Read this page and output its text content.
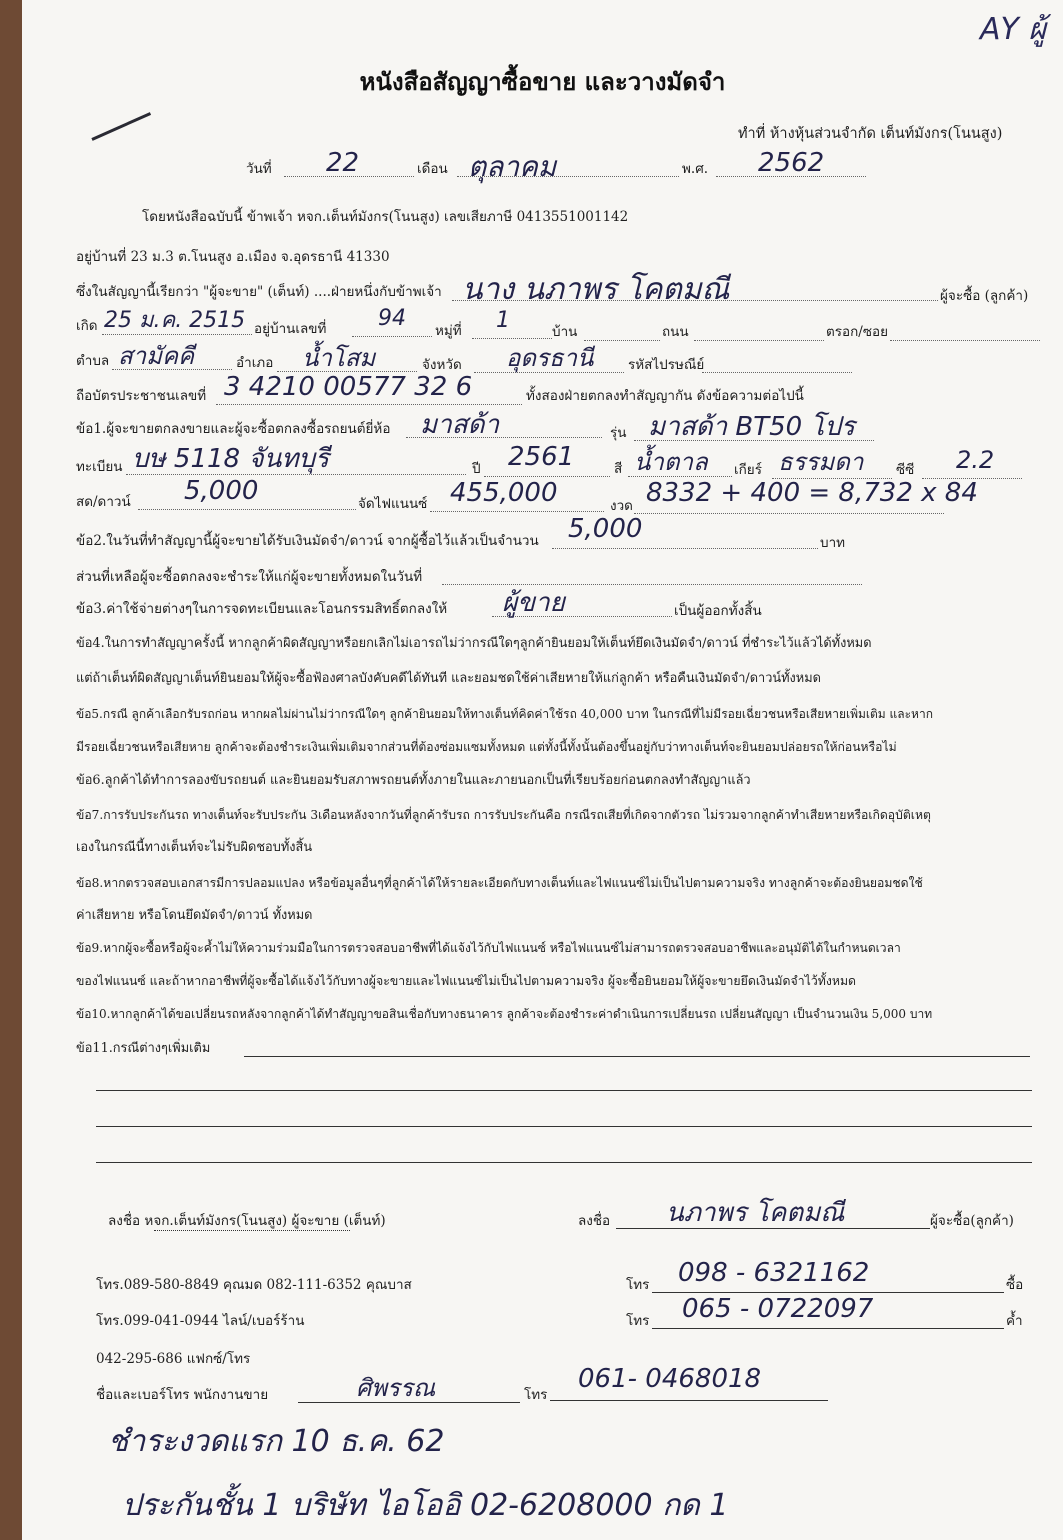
AY ผู้
หนังสือสัญญาซื้อขาย และวางมัดจำ
ทำที่ ห้างหุ้นส่วนจำกัด เต็นท์มังกร(โนนสูง)
วันที่ 22	เดือน ตุลาคม	พ.ศ. 2562
โดยหนังสือฉบับนี้ ข้าพเจ้า หจก.เต็นท์มังกร(โนนสูง) เลขเสียภาษี 0413551001142
อยู่บ้านที่ 23 ม.3 ต.โนนสูง อ.เมือง จ.อุดรธานี 41330
ซึ่งในสัญญานี้เรียกว่า "ผู้จะขาย" (เต็นท์) ....ฝ่ายหนึ่งกับข้าพเจ้า นาง นภาพร โคตมณี	ผู้จะซื้อ (ลูกค้า)
เกิด 25 ม.ค. 2515 อยู่บ้านเลขที่ 94 หมู่ที่ 1	บ้าน	ถนน	ตรอก/ซอย
ตำบล สามัคคี	อำเภอ น้ำโสม	จังหวัด อุดรธานี	รหัสไปรษณีย์
ถือบัตรประชาชนเลขที่ 3 4210 00577 32 6	ทั้งสองฝ่ายตกลงทำสัญญากัน ดังข้อความต่อไปนี้
ข้อ1.ผู้จะขายตกลงขายและผู้จะซื้อตกลงซื้อรถยนต์ยี่ห้อ มาสด้า	รุ่น มาสด้า BT50 โปร
ทะเบียน บษ 5118 จันทบุรี	ปี 2561	สี น้ำตาล เกียร์ ธรรมดา ซีซี 2.2
สด/ดาวน์ 5,000	จัดไฟแนนซ์ 455,000	งวด 8332 + 400 = 8,732 x 84
ข้อ2.ในวันที่ทำสัญญานี้ผู้จะขายได้รับเงินมัดจำ/ดาวน์ จากผู้ซื้อไว้แล้วเป็นจำนวน 5,000	บาท
ส่วนที่เหลือผู้จะซื้อตกลงจะชำระให้แก่ผู้จะขายทั้งหมดในวันที่
ข้อ3.ค่าใช้จ่ายต่างๆในการจดทะเบียนและโอนกรรมสิทธิ์ตกลงให้ ผู้ขาย	เป็นผู้ออกทั้งสิ้น
ข้อ4.ในการทำสัญญาครั้งนี้ หากลูกค้าผิดสัญญาหรือยกเลิกไม่เอารถไม่ว่ากรณีใดๆลูกค้ายินยอมให้เต็นท์ยึดเงินมัดจำ/ดาวน์ ที่ชำระไว้แล้วได้ทั้งหมด
แต่ถ้าเต็นท์ผิดสัญญาเต็นท์ยินยอมให้ผู้จะซื้อฟ้องศาลบังคับคดีได้ทันที และยอมชดใช้ค่าเสียหายให้แก่ลูกค้า หรือคืนเงินมัดจำ/ดาวน์ทั้งหมด
ข้อ5.กรณี ลูกค้าเลือกรับรถก่อน หากผลไม่ผ่านไม่ว่ากรณีใดๆ ลูกค้ายินยอมให้ทางเต็นท์คิดค่าใช้รถ 40,000 บาท ในกรณีที่ไม่มีรอยเฉี่ยวชนหรือเสียหายเพิ่มเติม และหาก
มีรอยเฉี่ยวชนหรือเสียหาย ลูกค้าจะต้องชำระเงินเพิ่มเติมจากส่วนที่ต้องซ่อมแซมทั้งหมด แต่ทั้งนี้ทั้งนั้นต้องขึ้นอยู่กับว่าทางเต็นท์จะยินยอมปล่อยรถให้ก่อนหรือไม่
ข้อ6.ลูกค้าได้ทำการลองขับรถยนต์ และยินยอมรับสภาพรถยนต์ทั้งภายในและภายนอกเป็นที่เรียบร้อยก่อนตกลงทำสัญญาแล้ว
ข้อ7.การรับประกันรถ ทางเต็นท์จะรับประกัน 3เดือนหลังจากวันที่ลูกค้ารับรถ การรับประกันคือ กรณีรถเสียที่เกิดจากตัวรถ ไม่รวมจากลูกค้าทำเสียหายหรือเกิดอุบัติเหตุ
เองในกรณีนี้ทางเต็นท์จะไม่รับผิดชอบทั้งสิ้น
ข้อ8.หากตรวจสอบเอกสารมีการปลอมแปลง หรือข้อมูลอื่นๆที่ลูกค้าได้ให้รายละเอียดกับทางเต็นท์และไฟแนนซ์ไม่เป็นไปตามความจริง ทางลูกค้าจะต้องยินยอมชดใช้
ค่าเสียหาย หรือโดนยึดมัดจำ/ดาวน์ ทั้งหมด
ข้อ9.หากผู้จะซื้อหรือผู้จะค้ำไม่ให้ความร่วมมือในการตรวจสอบอาชีพที่ได้แจ้งไว้กับไฟแนนซ์ หรือไฟแนนซ์ไม่สามารถตรวจสอบอาชีพและอนุมัติได้ในกำหนดเวลา
ของไฟแนนซ์ และถ้าหากอาชีพที่ผู้จะซื้อได้แจ้งไว้กับทางผู้จะขายและไฟแนนซ์ไม่เป็นไปตามความจริง ผู้จะซื้อยินยอมให้ผู้จะขายยึดเงินมัดจำไว้ทั้งหมด
ข้อ10.หากลูกค้าได้ขอเปลี่ยนรถหลังจากลูกค้าได้ทำสัญญาขอสินเชื่อกับทางธนาคาร ลูกค้าจะต้องชำระค่าดำเนินการเปลี่ยนรถ เปลี่ยนสัญญา เป็นจำนวนเงิน 5,000 บาท
ข้อ11.กรณีต่างๆเพิ่มเติม
ลงชื่อ หจก.เต็นท์มังกร(โนนสูง) ผู้จะขาย (เต็นท์)	ลงชื่อ นภาพร โคตมณี	ผู้จะซื้อ(ลูกค้า)
โทร.089-580-8849 คุณมด 082-111-6352 คุณบาส
โทร.099-041-0944 ไลน์/เบอร์ร้าน
042-295-686 แฟกซ์/โทร
โทร 098 - 6321162	ซื้อ
โทร 065 - 0722097	ค้ำ
ชื่อและเบอร์โทร พนักงานขาย	ศิพรรณ	โทร
061- 0468018
ชำระงวดแรก 10 ธ.ค. 62
ประกันชั้น 1 บริษัท ไอโออิ 02-6208000 กด 1
